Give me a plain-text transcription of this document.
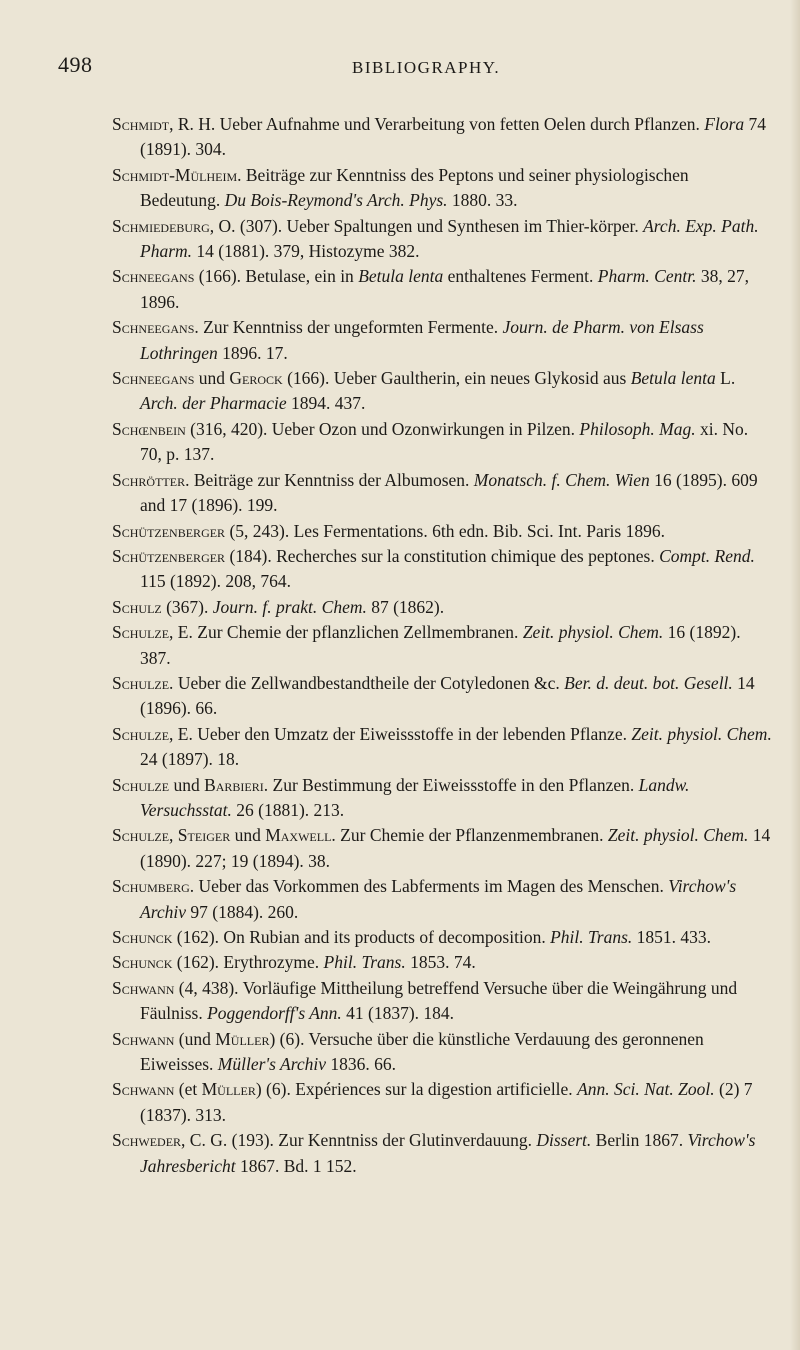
498	BIBLIOGRAPHY.

Schmidt, R. H. Ueber Aufnahme und Verarbeitung von fetten Oelen durch Pflanzen. Flora 74 (1891). 304.

Schmidt-Mülheim. Beiträge zur Kenntniss des Peptons und seiner physiologischen Bedeutung. Du Bois-Reymond's Arch. Phys. 1880. 33.

Schmiedeburg, O. (307). Ueber Spaltungen und Synthesen im Thier-körper. Arch. Exp. Path. Pharm. 14 (1881). 379, Histozyme 382.

Schneegans (166). Betulase, ein in Betula lenta enthaltenes Ferment. Pharm. Centr. 38, 27, 1896.

Schneegans. Zur Kenntniss der ungeformten Fermente. Journ. de Pharm. von Elsass Lothringen 1896. 17.

Schneegans und Gerock (166). Ueber Gaultherin, ein neues Glykosid aus Betula lenta L. Arch. der Pharmacie 1894. 437.

Schœnbein (316, 420). Ueber Ozon und Ozonwirkungen in Pilzen. Philosoph. Mag. xi. No. 70, p. 137.

Schrötter. Beiträge zur Kenntniss der Albumosen. Monatsch. f. Chem. Wien 16 (1895). 609 and 17 (1896). 199.

Schützenberger (5, 243). Les Fermentations. 6th edn. Bib. Sci. Int. Paris 1896.

Schützenberger (184). Recherches sur la constitution chimique des peptones. Compt. Rend. 115 (1892). 208, 764.

Schulz (367). Journ. f. prakt. Chem. 87 (1862).

Schulze, E. Zur Chemie der pflanzlichen Zellmembranen. Zeit. physiol. Chem. 16 (1892). 387.

Schulze. Ueber die Zellwandbestandtheile der Cotyledonen &c. Ber. d. deut. bot. Gesell. 14 (1896). 66.

Schulze, E. Ueber den Umzatz der Eiweissstoffe in der lebenden Pflanze. Zeit. physiol. Chem. 24 (1897). 18.

Schulze und Barbieri. Zur Bestimmung der Eiweissstoffe in den Pflanzen. Landw. Versuchsstat. 26 (1881). 213.

Schulze, Steiger und Maxwell. Zur Chemie der Pflanzenmembranen. Zeit. physiol. Chem. 14 (1890). 227; 19 (1894). 38.

Schumberg. Ueber das Vorkommen des Labferments im Magen des Menschen. Virchow's Archiv 97 (1884). 260.

Schunck (162). On Rubian and its products of decomposition. Phil. Trans. 1851. 433.

Schunck (162). Erythrozyme. Phil. Trans. 1853. 74.

Schwann (4, 438). Vorläufige Mittheilung betreffend Versuche über die Weingährung und Fäulniss. Poggendorff's Ann. 41 (1837). 184.

Schwann (und Müller) (6). Versuche über die künstliche Verdauung des geronnenen Eiweisses. Müller's Archiv 1836. 66.

Schwann (et Müller) (6). Expériences sur la digestion artificielle. Ann. Sci. Nat. Zool. (2) 7 (1837). 313.

Schweder, C. G. (193). Zur Kenntniss der Glutinverdauung. Dissert. Berlin 1867. Virchow's Jahresbericht 1867. Bd. 1 152.
